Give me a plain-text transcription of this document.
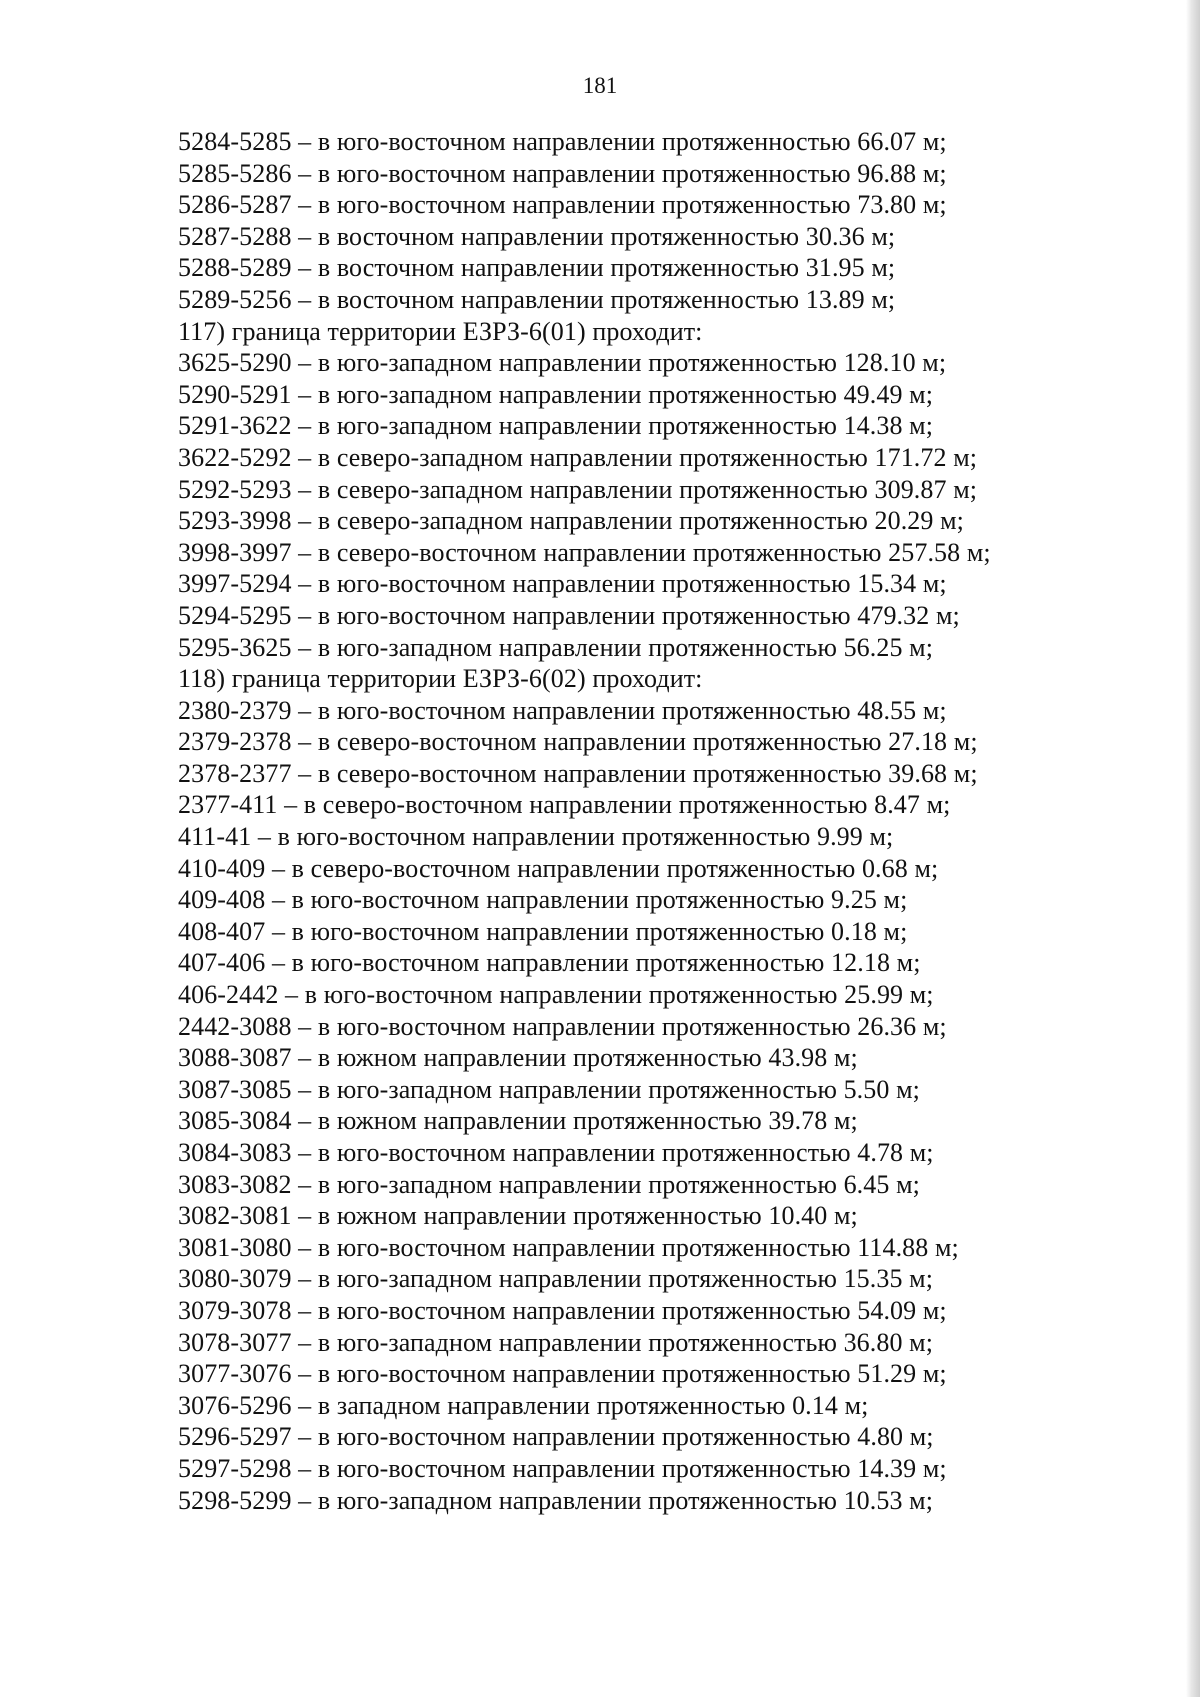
181
5284-5285 – в юго-восточном направлении протяженностью 66.07 м;
5285-5286 – в юго-восточном направлении протяженностью 96.88 м;
5286-5287 – в юго-восточном направлении протяженностью 73.80 м;
5287-5288 – в восточном направлении протяженностью 30.36 м;
5288-5289 – в восточном направлении протяженностью 31.95 м;
5289-5256 – в восточном направлении протяженностью 13.89 м;
117) граница территории ЕЗРЗ-6(01) проходит:
3625-5290 – в юго-западном направлении протяженностью 128.10 м;
5290-5291 – в юго-западном направлении протяженностью 49.49 м;
5291-3622 – в юго-западном направлении протяженностью 14.38 м;
3622-5292 – в северо-западном направлении протяженностью 171.72 м;
5292-5293 – в северо-западном направлении протяженностью 309.87 м;
5293-3998 – в северо-западном направлении протяженностью 20.29 м;
3998-3997 – в северо-восточном направлении протяженностью 257.58 м;
3997-5294 – в юго-восточном направлении протяженностью 15.34 м;
5294-5295 – в юго-восточном направлении протяженностью 479.32 м;
5295-3625 – в юго-западном направлении протяженностью 56.25 м;
118) граница территории ЕЗРЗ-6(02) проходит:
2380-2379 – в юго-восточном направлении протяженностью 48.55 м;
2379-2378 – в северо-восточном направлении протяженностью 27.18 м;
2378-2377 – в северо-восточном направлении протяженностью 39.68 м;
2377-411 – в северо-восточном направлении протяженностью 8.47 м;
411-41 – в юго-восточном направлении протяженностью 9.99 м;
410-409 – в северо-восточном направлении протяженностью 0.68 м;
409-408 – в юго-восточном направлении протяженностью 9.25 м;
408-407 – в юго-восточном направлении протяженностью 0.18 м;
407-406 – в юго-восточном направлении протяженностью 12.18 м;
406-2442 – в юго-восточном направлении протяженностью 25.99 м;
2442-3088 – в юго-восточном направлении протяженностью 26.36 м;
3088-3087 – в южном направлении протяженностью 43.98 м;
3087-3085 – в юго-западном направлении протяженностью 5.50 м;
3085-3084 – в южном направлении протяженностью 39.78 м;
3084-3083 – в юго-восточном направлении протяженностью 4.78 м;
3083-3082 – в юго-западном направлении протяженностью 6.45 м;
3082-3081 – в южном направлении протяженностью 10.40 м;
3081-3080 – в юго-восточном направлении протяженностью 114.88 м;
3080-3079 – в юго-западном направлении протяженностью 15.35 м;
3079-3078 – в юго-восточном направлении протяженностью 54.09 м;
3078-3077 – в юго-западном направлении протяженностью 36.80 м;
3077-3076 – в юго-восточном направлении протяженностью 51.29 м;
3076-5296 – в западном направлении протяженностью 0.14 м;
5296-5297 – в юго-восточном направлении протяженностью 4.80 м;
5297-5298 – в юго-восточном направлении протяженностью 14.39 м;
5298-5299 – в юго-западном направлении протяженностью 10.53 м;
